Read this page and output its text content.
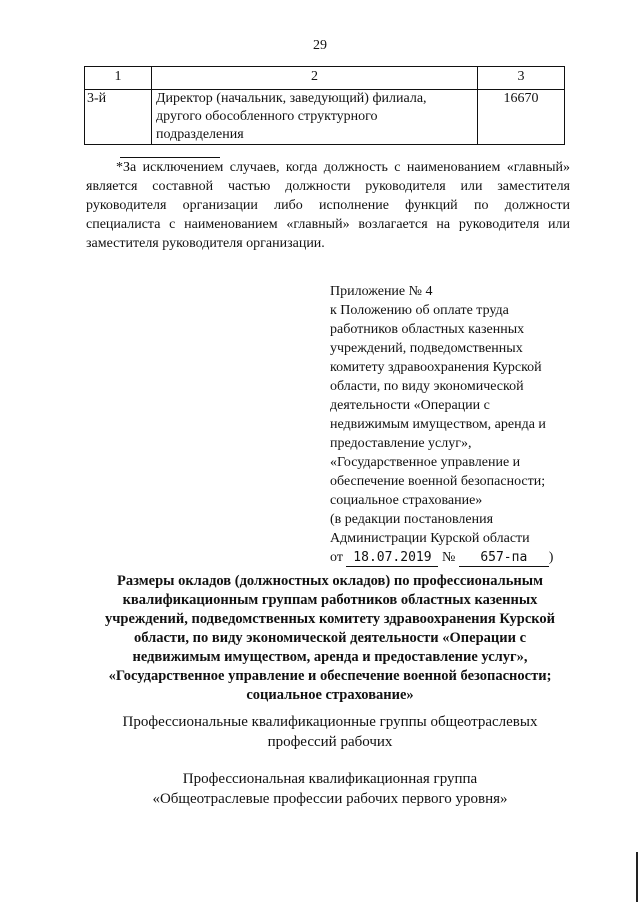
29
1	2	3
3-й	Директор (начальник, заведующий) филиала,
другого обособленного структурного
подразделения	16670
*За исключением случаев, когда должность с наименованием «главный» является составной частью должности руководителя или заместителя руководителя организации либо исполнение функций по должности специалиста с наименованием «главный» возлагается на руководителя или заместителя руководителя организации.
Приложение № 4
к Положению об оплате труда
работников областных казенных
учреждений, подведомственных
комитету здравоохранения Курской
области, по виду экономической
деятельности «Операции с
недвижимым имуществом, аренда и
предоставление услуг»,
«Государственное управление и
обеспечение военной безопасности;
социальное страхование»
(в редакции постановления
Администрации Курской области
от 18.07.2019 № 657-па )
Размеры окладов (должностных окладов) по профессиональным
квалификационным группам работников областных казенных
учреждений, подведомственных комитету здравоохранения Курской
области, по виду экономической деятельности «Операции с
недвижимым имуществом, аренда и предоставление услуг»,
«Государственное управление и обеспечение военной безопасности;
социальное страхование»
Профессиональные квалификационные группы общеотраслевых
профессий рабочих
Профессиональная квалификационная группа
«Общеотраслевые профессии рабочих первого уровня»
